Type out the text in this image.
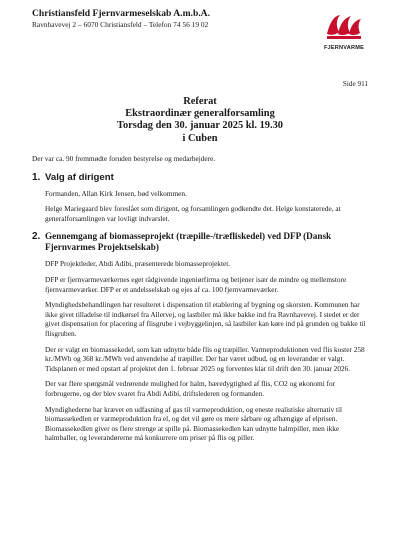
Christiansfeld Fjernvarmeselskab A.m.b.A.
Ravnhavevej 2 – 6070 Christiansfeld – Telefon 74 56 19 02
FJERNVARME
Side 911
Referat
Ekstraordinær generalforsamling
Torsdag den 30. januar 2025 kl. 19.30
i Cuben

Der var ca. 90 fremmødte foruden bestyrelse og medarbejdere.

1. Valg af dirigent

Formanden, Allan Kirk Jensen, bød velkommen.

Helge Mariegaard blev foreslået som dirigent, og forsamlingen godkendte det. Helge konstaterede, at generalforsamlingen var lovligt indvarslet.

2. Gennemgang af biomasseprojekt (træpille-/træfliskedel) ved DFP (Dansk Fjernvarmes Projektselskab)

DFP Projektleder, Abdi Adibi, præsenterede biomasseprojektet.

DFP er fjernvarmeværkernes eget rådgivende ingeniørfirma og betjener især de mindre og mellemstore fjernvarmeværker. DFP er et andelsselskab og ejes af ca. 100 fjernvarmeværker.

Myndighedsbehandlingen har resulteret i dispensation til etablering af bygning og skorsten. Kommunen har ikke givet tilladelse til indkørsel fra Allervej, og lastbiler må ikke bakke ind fra Ravnhavevej. I stedet er der givet dispensation for placering af flisgrube i vejbyggelinjen, så lastbiler kan køre ind på grunden og bakke til flisgruben.

Der er valgt en biomassekedel, som kan udnytte både flis og træpiller. Varmeproduktionen ved flis koster 258 kr./MWh og 368 kr./MWh ved anvendelse af træpiller. Der har været udbud, og en leverandør er valgt. Tidsplanen er med opstart af projektet den 1. februar 2025 og forventes klar til drift den 30. januar 2026.

Der var flere spørgsmål vedrørende mulighed for halm, bæredygtighed af flis, CO2 og økonomi for forbrugerne, og der blev svaret fra Abdi Adibi, driftslederen og formanden.

Myndighederne har krævet en udfasning af gas til varmeproduktion, og eneste realistiske alternativ til biomassekedlen er varmeproduktion fra el, og det vil gøre os mere sårbare og afhængige af elprisen. Biomassekedlen giver os flere strenge at spille på. Biomassekedlen kan udnytte halmpiller, men ikke halmballer, og leverandørerne må konkurrere om priser på flis og piller.
